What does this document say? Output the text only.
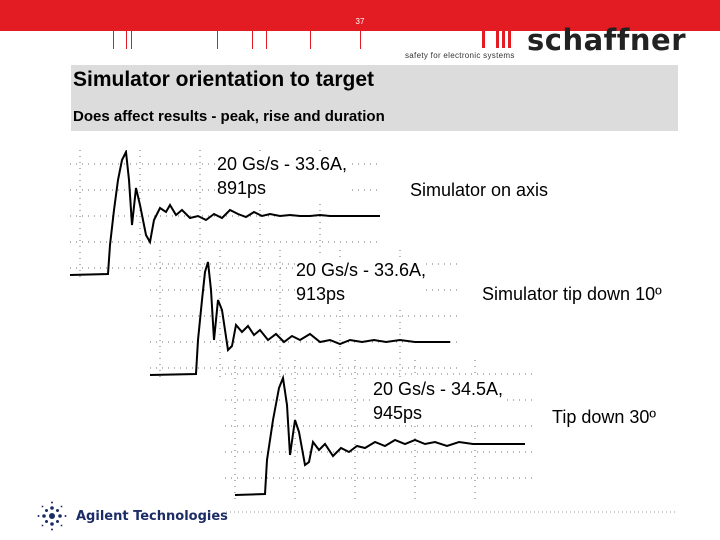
37
schaffner
safety for electronic systems
Simulator orientation to target
Does affect results - peak, rise and duration
20 Gs/s - 33.6A,
891ps	Simulator on axis
20 Gs/s - 33.6A,
913ps	Simulator tip down 10º
20 Gs/s - 34.5A,
945ps	Tip down 30º
Agilent Technologies
